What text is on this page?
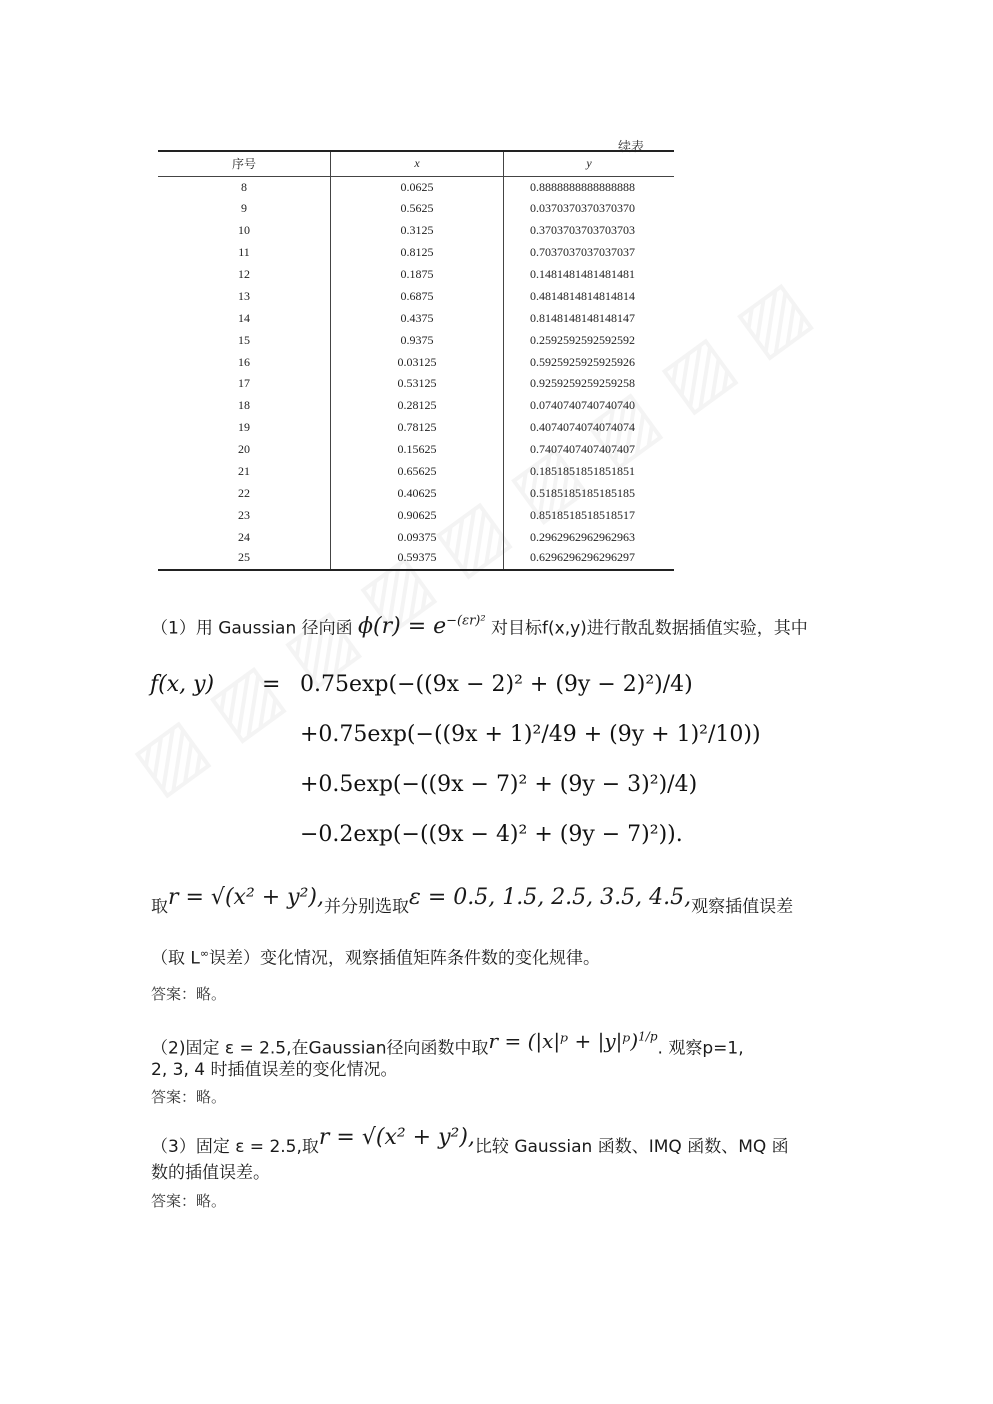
续表
序号	x	y
8	0.0625	0.8888888888888888
9	0.5625	0.0370370370370370
10	0.3125	0.3703703703703703
11	0.8125	0.7037037037037037
12	0.1875	0.1481481481481481
13	0.6875	0.4814814814814814
14	0.4375	0.8148148148148147
15	0.9375	0.2592592592592592
16	0.03125	0.5925925925925926
17	0.53125	0.9259259259259258
18	0.28125	0.0740740740740740
19	0.78125	0.4074074074074074
20	0.15625	0.7407407407407407
21	0.65625	0.1851851851851851
22	0.40625	0.5185185185185185
23	0.90625	0.8518518518518517
24	0.09375	0.2962962962962963
25	0.59375	0.6296296296296297
（1）用 Gaussian 径向函 $\phi(r) = e^{-(\varepsilon r)^2}$ 对目标f(x,y)进行散乱数据插值实验，其中
f(x, y) = 0.75exp(−((9x − 2)² + (9y − 2)²)/4)
+0.75exp(−((9x + 1)²/49 + (9y + 1)²/10))
+0.5exp(−((9x − 7)² + (9y − 3)²)/4)
−0.2exp(−((9x − 4)² + (9y − 7)²)).
取r = √(x² + y²),并分别选取ε = 0.5, 1.5, 2.5, 3.5, 4.5,观察插值误差
（取 L∞误差）变化情况，观察插值矩阵条件数的变化规律。
答案：略。
（2)固定 ε = 2.5,在Gaussian径向函数中取r = (|x|ᵖ + |y|ᵖ)$^{1/p}$. 观察p=1,
2, 3, 4 时插值误差的变化情况。
答案：略。
（3）固定 ε = 2.5,取r = √(x² + y²),比较 Gaussian 函数、IMQ 函数、MQ 函
数的插值误差。
答案：略。
